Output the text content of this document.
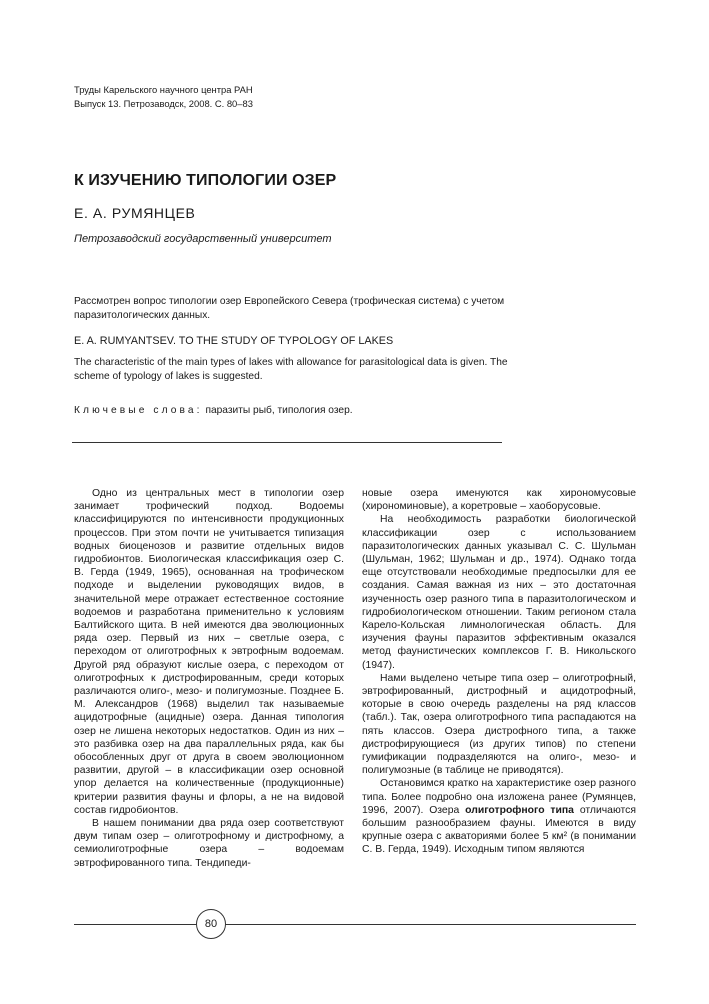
Труды Карельского научного центра РАН
Выпуск 13. Петрозаводск, 2008. С. 80–83
К ИЗУЧЕНИЮ ТИПОЛОГИИ ОЗЕР
Е. А. РУМЯНЦЕВ
Петрозаводский государственный университет
Рассмотрен вопрос типологии озер Европейского Севера (трофическая система) с учетом паразитологических данных.
E. A. RUMYANTSEV. TO THE STUDY OF TYPOLOGY OF LAKES
The characteristic of the main types of lakes with allowance for parasitological data is given. The scheme of typology of lakes is suggested.
Ключевые слова: паразиты рыб, типология озер.

Одно из центральных мест в типологии озер занимает трофический подход. Водоемы классифицируются по интенсивности продукционных процессов. При этом почти не учитывается типизация водных биоценозов и развитие отдельных видов гидробионтов. Биологическая классификация озер С. В. Герда (1949, 1965), основанная на трофическом подходе и выделении руководящих видов, в значительной мере отражает естественное состояние водоемов и разработана применительно к условиям Балтийского щита. В ней имеются два эволюционных ряда озер. Первый из них – светлые озера, с переходом от олиготрофных к эвтрофным водоемам. Другой ряд образуют кислые озера, с переходом от олиготрофных к дистрофированным, среди которых различаются олиго-, мезо- и полигумозные. Позднее Б. М. Александров (1968) выделил так называемые ацидотрофные (ацидные) озера. Данная типология озер не лишена некоторых недостатков. Один из них – это разбивка озер на два параллельных ряда, как бы обособленных друг от друга в своем эволюционном развитии, другой – в классификации озер основной упор делается на количественные (продукционные) критерии развития фауны и флоры, а не на видовой состав гидробионтов.

В нашем понимании два ряда озер соответствуют двум типам озер – олиготрофному и дистрофному, а семиолиготрофные озера – водоемам эвтрофированного типа. Тендипеди-

новые озера именуются как хирономусовые (хирономиновые), а коретровые – хаоборусовые.

На необходимость разработки биологической классификации озер с использованием паразитологических данных указывал С. С. Шульман (Шульман, 1962; Шульман и др., 1974). Однако тогда еще отсутствовали необходимые предпосылки для ее создания. Самая важная из них – это достаточная изученность озер разного типа в паразитологическом и гидробиологическом отношении. Таким регионом стала Карело-Кольская лимнологическая область. Для изучения фауны паразитов эффективным оказался метод фаунистических комплексов Г. В. Никольского (1947).

Нами выделено четыре типа озер – олиготрофный, эвтрофированный, дистрофный и ацидотрофный, которые в свою очередь разделены на ряд классов (табл.). Так, озера олиготрофного типа распадаются на пять классов. Озера дистрофного типа, а также дистрофирующиеся (из других типов) по степени гумификации подразделяются на олиго-, мезо- и полигумозные (в таблице не приводятся).

Остановимся кратко на характеристике озер разного типа. Более подробно она изложена ранее (Румянцев, 1996, 2007). Озера олиготрофного типа отличаются большим разнообразием фауны. Имеются в виду крупные озера с акваториями более 5 км² (в понимании С. В. Герда, 1949). Исходным типом являются

80
